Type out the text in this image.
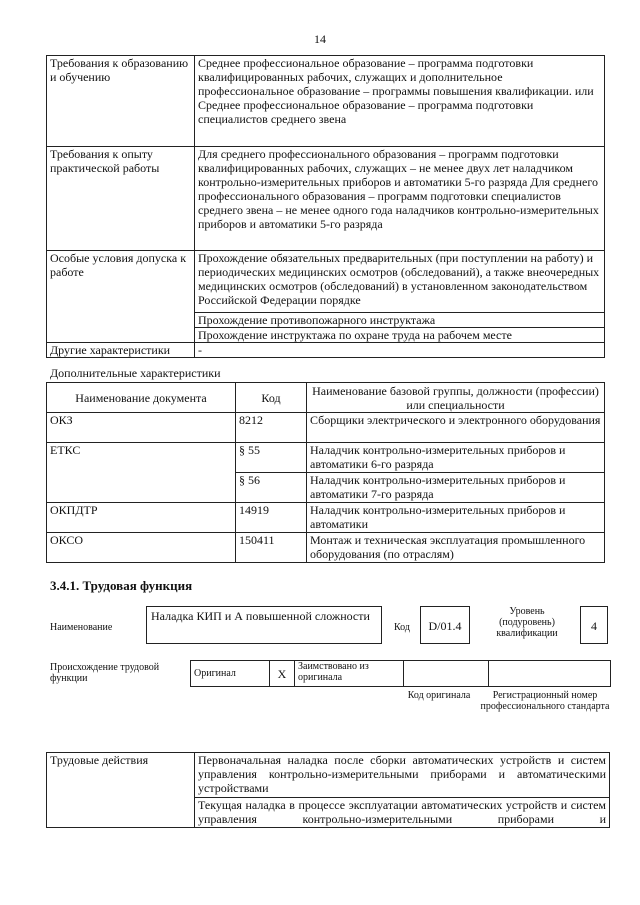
14
Требования к образованию и обучению	Среднее профессиональное образование – программа подготовки квалифицированных рабочих, служащих и дополнительное профессиональное образование – программы повышения квалификации. или Среднее профессиональное образование – программа подготовки специалистов среднего звена
Требования к опыту практической работы	Для среднего профессионального образования – программ подготовки квалифицированных рабочих, служащих – не менее двух лет наладчиком контрольно-измерительных приборов и автоматики 5-го разряда Для среднего профессионального образования – программ подготовки специалистов среднего звена – не менее одного года наладчиков контрольно-измерительных приборов и автоматики 5-го разряда
Особые условия допуска к работе	Прохождение обязательных предварительных (при поступлении на работу) и периодических медицинских осмотров (обследований), а также внеочередных медицинских осмотров (обследований) в установленном законодательством Российской Федерации порядке
	Прохождение противопожарного инструктажа
	Прохождение инструктажа по охране труда на рабочем месте
Другие характеристики	-
Дополнительные характеристики
Наименование документа	Код	Наименование базовой группы, должности (профессии) или специальности
ОКЗ	8212	Сборщики электрического и электронного оборудования
ЕТКС	§ 55	Наладчик контрольно-измерительных приборов и автоматики 6-го разряда
	§ 56	Наладчик контрольно-измерительных приборов и автоматики 7-го разряда
ОКПДТР	14919	Наладчик контрольно-измерительных приборов и автоматики
ОКСО	150411	Монтаж и техническая эксплуатация промышленного оборудования (по отраслям)
3.4.1. Трудовая функция
Наименование
Наладка КИП и А повышенной сложности
Код	D/01.4
Уровень (подуровень) квалификации
4
Происхождение трудовой функции	Оригинал	X	Заимствовано из оригинала		
Код оригинала	Регистрационный номер профессионального стандарта
Трудовые действия	Первоначальная наладка после сборки автоматических устройств и систем управления контрольно-измерительными приборами и автоматическими устройствами
Текущая наладка в процессе эксплуатации автоматических устройств и систем управления контрольно-измерительными приборами и
